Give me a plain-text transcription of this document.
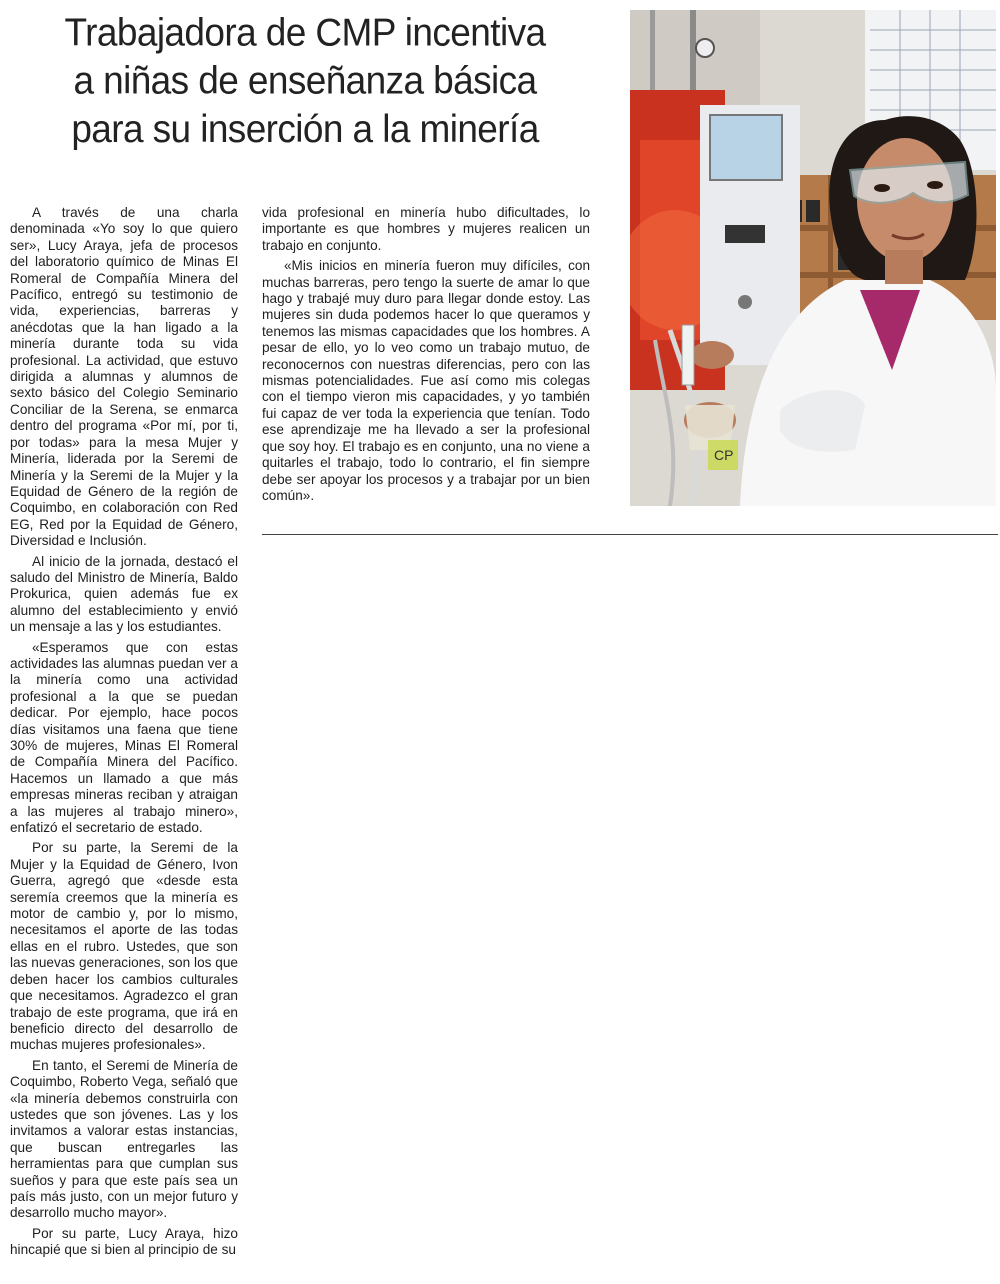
Trabajadora de CMP incentiva
a niñas de enseñanza básica
para su inserción a la minería

A través de una charla denominada «Yo soy lo que quiero ser», Lucy Araya, jefa de procesos del laboratorio químico de Minas El Romeral de Compañía Minera del Pacífico, entregó su testimonio de vida, experiencias, barreras y anécdotas que la han ligado a la minería durante toda su vida profesional. La actividad, que estuvo dirigida a alumnas y alumnos de sexto básico del Colegio Seminario Conciliar de la Serena, se enmarca dentro del programa «Por mí, por ti, por todas» para la mesa Mujer y Minería, liderada por la Seremi de Minería y la Seremi de la Mujer y la Equidad de Género de la región de Coquimbo, en colaboración con Red EG, Red por la Equidad de Género, Diversidad e Inclusión.

Al inicio de la jornada, destacó el saludo del Ministro de Minería, Baldo Prokurica, quien además fue ex alumno del establecimiento y envió un mensaje a las y los estudiantes.

«Esperamos que con estas actividades las alumnas puedan ver a la minería como una actividad profesional a la que se puedan dedicar. Por ejemplo, hace pocos días visitamos una faena que tiene 30% de mujeres, Minas El Romeral de Compañía Minera del Pacífico. Hacemos un llamado a que más empresas mineras reciban y atraigan a las mujeres al trabajo minero», enfatizó el secretario de estado.

Por su parte, la Seremi de la Mujer y la Equidad de Género, Ivon Guerra, agregó que «desde esta seremía creemos que la minería es motor de cambio y, por lo mismo, necesitamos el aporte de las todas ellas en el rubro. Ustedes, que son las nuevas generaciones, son los que deben hacer los cambios culturales que necesitamos. Agradezco el gran trabajo de este programa, que irá en beneficio directo del desarrollo de muchas mujeres profesionales».

En tanto, el Seremi de Minería de Coquimbo, Roberto Vega, señaló que «la minería debemos construirla con ustedes que son jóvenes. Las y los invitamos a valorar estas instancias, que buscan entregarles las herramientas para que cumplan sus sueños y para que este país sea un país más justo, con un mejor futuro y desarrollo mucho mayor».

Por su parte, Lucy Araya, hizo hincapié que si bien al principio de su

vida profesional en minería hubo dificultades, lo importante es que hombres y mujeres realicen un trabajo en conjunto.

«Mis inicios en minería fueron muy difíciles, con muchas barreras, pero tengo la suerte de amar lo que hago y trabajé muy duro para llegar donde estoy. Las mujeres sin duda podemos hacer lo que queramos y tenemos las mismas capacidades que los hombres. A pesar de ello, yo lo veo como un trabajo mutuo, de reconocernos con nuestras diferencias, pero con las mismas potencialidades. Fue así como mis colegas con el tiempo vieron mis capacidades, y yo también fui capaz de ver toda la experiencia que tenían. Todo ese aprendizaje me ha llevado a ser la profesional que soy hoy. El trabajo es en conjunto, una no viene a quitarles el trabajo, todo lo contrario, el fin siempre debe ser apoyar los procesos y a trabajar por un bien común».

CP
